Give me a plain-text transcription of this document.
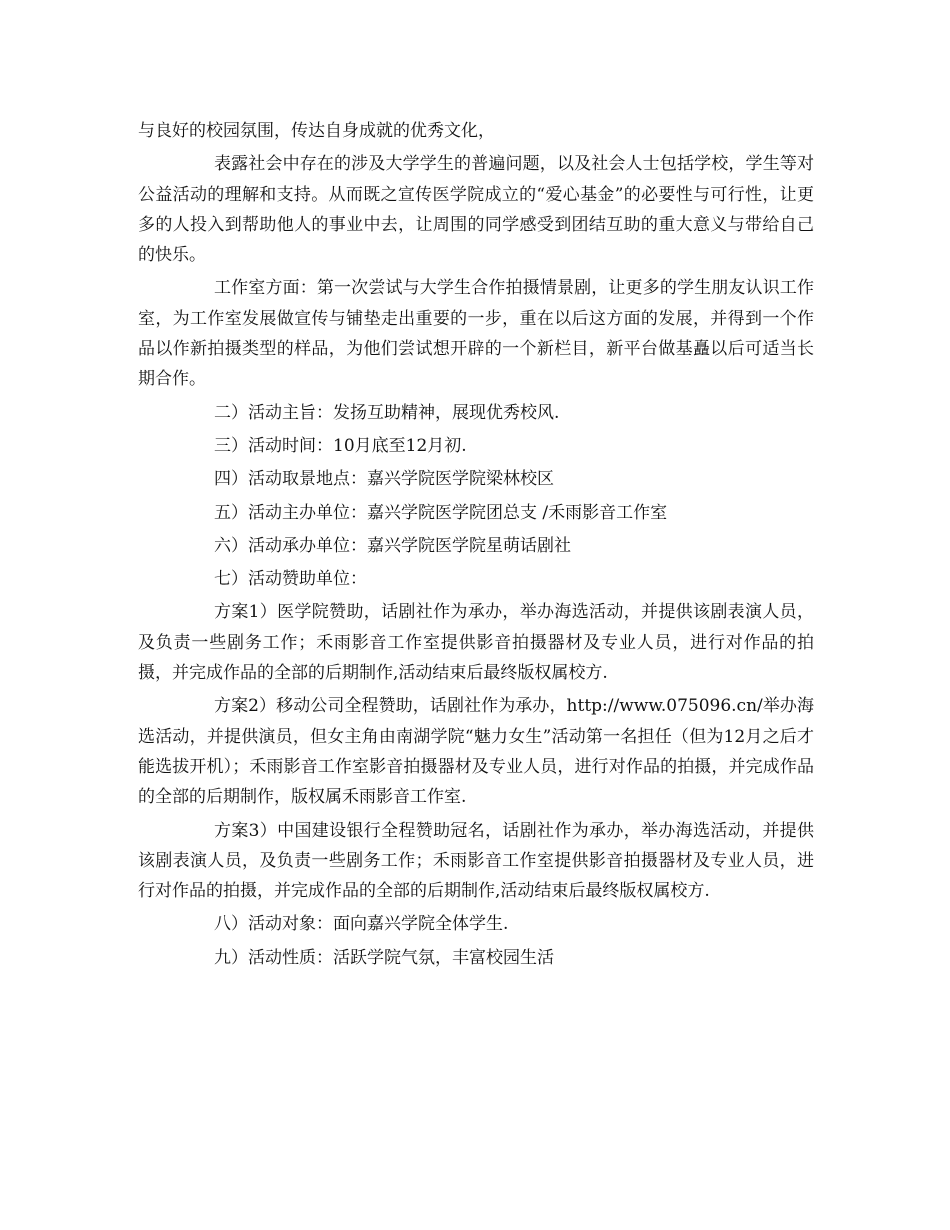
与良好的校园氛围，传达自身成就的优秀文化，

表露社会中存在的涉及大学学生的普遍问题，以及社会人士包括学校，学生等对公益活动的理解和支持。从而既之宣传医学院成立的“爱心基金”的必要性与可行性，让更多的人投入到帮助他人的事业中去，让周围的同学感受到团结互助的重大意义与带给自己的快乐。

工作室方面：第一次尝试与大学生合作拍摄情景剧，让更多的学生朋友认识工作室，为工作室发展做宣传与铺垫走出重要的一步，重在以后这方面的发展，并得到一个作品以作新拍摄类型的样品，为他们尝试想开辟的一个新栏目，新平台做基矗以后可适当长期合作。

二）活动主旨：发扬互助精神，展现优秀校风.

三）活动时间：10月底至12月初.

四）活动取景地点：嘉兴学院医学院梁林校区

五）活动主办单位：嘉兴学院医学院团总支 /禾雨影音工作室

六）活动承办单位：嘉兴学院医学院星萌话剧社

七）活动赞助单位：

方案1）医学院赞助，话剧社作为承办，举办海选活动，并提供该剧表演人员，及负责一些剧务工作；禾雨影音工作室提供影音拍摄器材及专业人员，进行对作品的拍摄，并完成作品的全部的后期制作,活动结束后最终版权属校方.

方案2）移动公司全程赞助，话剧社作为承办，http://www.075096.cn/举办海选活动，并提供演员，但女主角由南湖学院“魅力女生”活动第一名担任（但为12月之后才能选拔开机）；禾雨影音工作室影音拍摄器材及专业人员，进行对作品的拍摄，并完成作品的全部的后期制作，版权属禾雨影音工作室.

方案3）中国建设银行全程赞助冠名，话剧社作为承办，举办海选活动，并提供该剧表演人员，及负责一些剧务工作；禾雨影音工作室提供影音拍摄器材及专业人员，进行对作品的拍摄，并完成作品的全部的后期制作,活动结束后最终版权属校方.

八）活动对象：面向嘉兴学院全体学生.

九）活动性质：活跃学院气氛，丰富校园生活
